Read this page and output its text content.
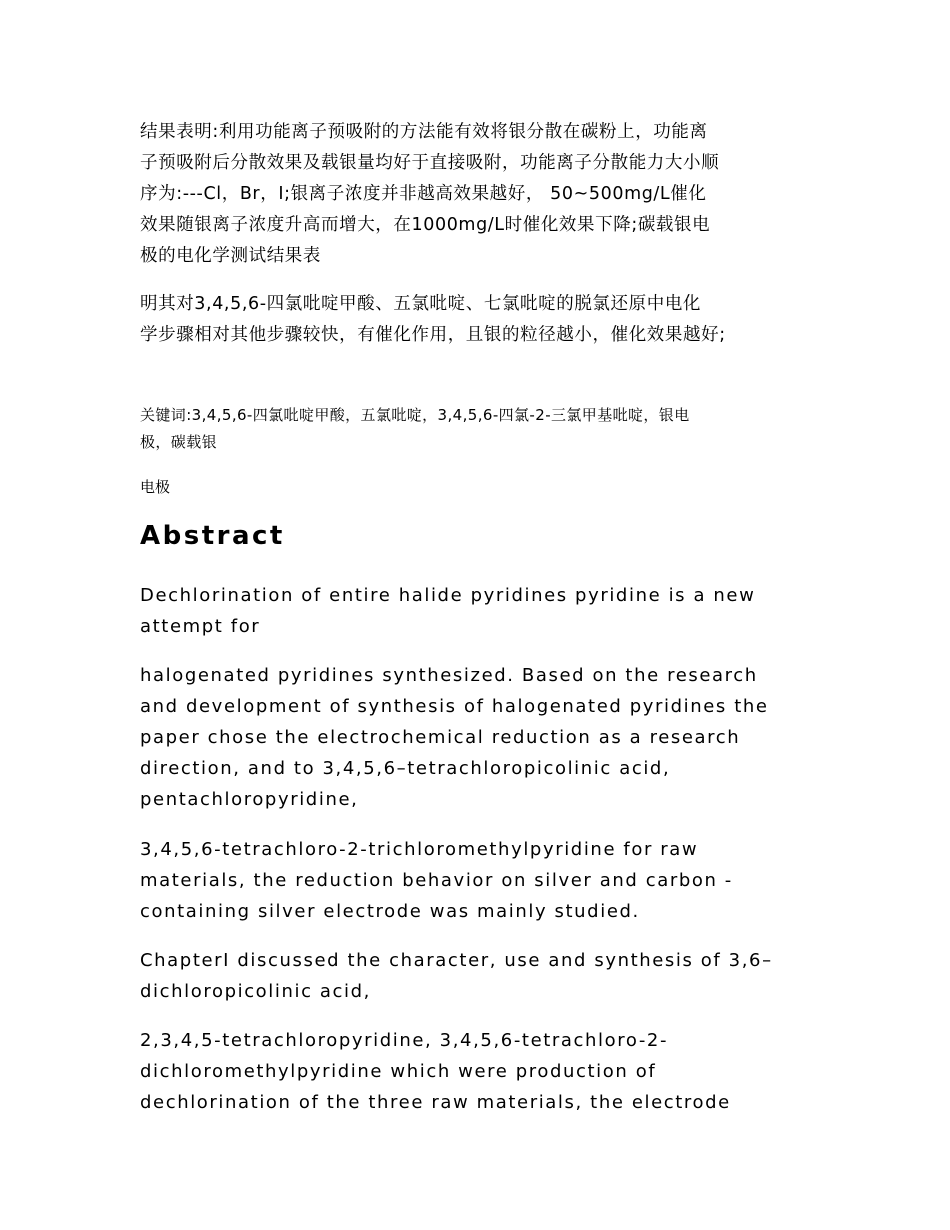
结果表明:利用功能离子预吸附的方法能有效将银分散在碳粉上，功能离
子预吸附后分散效果及载银量均好于直接吸附，功能离子分散能力大小顺
序为:---Cl，Br，I;银离子浓度并非越高效果越好， 50~500mg/L催化
效果随银离子浓度升高而增大，在1000mg/L时催化效果下降;碳载银电
极的电化学测试结果表

明其对3,4,5,6-四氯吡啶甲酸、五氯吡啶、七氯吡啶的脱氯还原中电化
学步骤相对其他步骤较快，有催化作用，且银的粒径越小，催化效果越好;

关键词:3,4,5,6-四氯吡啶甲酸，五氯吡啶，3,4,5,6-四氯-2-三氯甲基吡啶，银电
极，碳载银

电极

Abstract

Dechlorination of entire halide pyridines pyridine is a new
attempt for

halogenated pyridines synthesized. Based on the research
and development of synthesis of halogenated pyridines the
paper chose the electrochemical reduction as a research
direction, and to 3,4,5,6–tetrachloropicolinic acid,
pentachloropyridine,

3,4,5,6-tetrachloro-2-trichloromethylpyridine for raw
materials, the reduction behavior on silver and carbon -
containing silver electrode was mainly studied.

ChapterI discussed the character, use and synthesis of 3,6–
dichloropicolinic acid,

2,3,4,5-tetrachloropyridine, 3,4,5,6-tetrachloro-2-
dichloromethylpyridine which were production of
dechlorination of the three raw materials, the electrode
